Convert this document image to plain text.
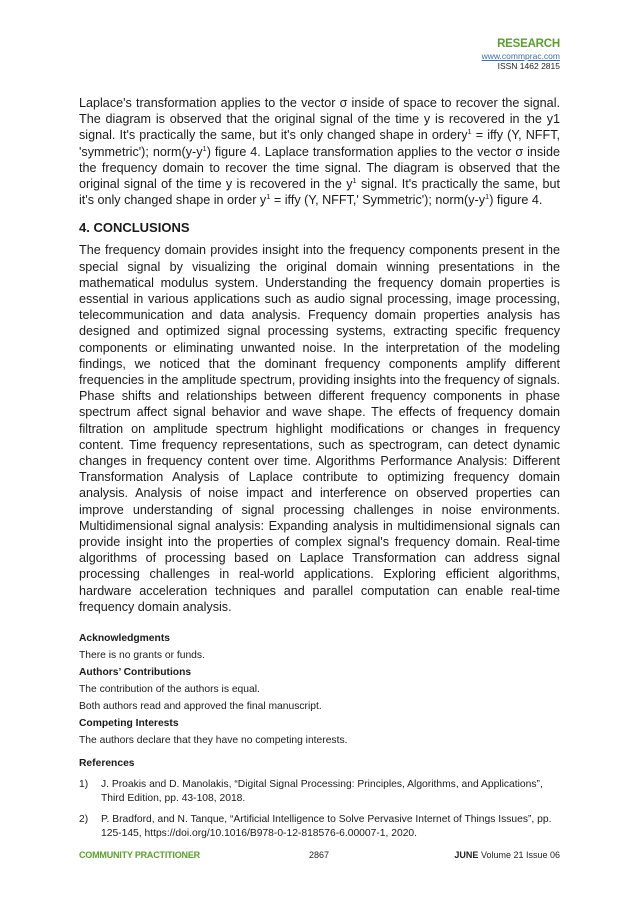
RESEARCH
www.commprac.com
ISSN 1462 2815

Laplace's transformation applies to the vector σ inside of space to recover the signal. The diagram is observed that the original signal of the time y is recovered in the y1 signal. It's practically the same, but it's only changed shape in ordery$^1$ = iffy (Y, NFFT, 'symmetric'); $norm(y-y^1)$ figure 4. Laplace transformation applies to the vector σ inside the frequency domain to recover the time signal. The diagram is observed that the original signal of the time y is recovered in the $y^1$ signal. It's practically the same, but it's only changed shape in order $y^1$ = iffy (Y, NFFT,' Symmetric'); $norm(y-y^1)$ figure 4.

4. CONCLUSIONS

The frequency domain provides insight into the frequency components present in the special signal by visualizing the original domain winning presentations in the mathematical modulus system. Understanding the frequency domain properties is essential in various applications such as audio signal processing, image processing, telecommunication and data analysis. Frequency domain properties analysis has designed and optimized signal processing systems, extracting specific frequency components or eliminating unwanted noise. In the interpretation of the modeling findings, we noticed that the dominant frequency components amplify different frequencies in the amplitude spectrum, providing insights into the frequency of signals. Phase shifts and relationships between different frequency components in phase spectrum affect signal behavior and wave shape. The effects of frequency domain filtration on amplitude spectrum highlight modifications or changes in frequency content. Time frequency representations, such as spectrogram, can detect dynamic changes in frequency content over time. Algorithms Performance Analysis: Different Transformation Analysis of Laplace contribute to optimizing frequency domain analysis. Analysis of noise impact and interference on observed properties can improve understanding of signal processing challenges in noise environments. Multidimensional signal analysis: Expanding analysis in multidimensional signals can provide insight into the properties of complex signal's frequency domain. Real-time algorithms of processing based on Laplace Transformation can address signal processing challenges in real-world applications. Exploring efficient algorithms, hardware acceleration techniques and parallel computation can enable real-time frequency domain analysis.

Acknowledgments
There is no grants or funds.
Authors’ Contributions
The contribution of the authors is equal.
Both authors read and approved the final manuscript.
Competing Interests
The authors declare that they have no competing interests.
References
1)	J. Proakis and D. Manolakis, “Digital Signal Processing: Principles, Algorithms, and Applications”, Third Edition, pp. 43-108, 2018.
2)	P. Bradford, and N. Tanque, “Artificial Intelligence to Solve Pervasive Internet of Things Issues”, pp. 125-145, https://doi.org/10.1016/B978-0-12-818576-6.00007-1, 2020.
COMMUNITY PRACTITIONER	2867	JUNE Volume 21 Issue 06
